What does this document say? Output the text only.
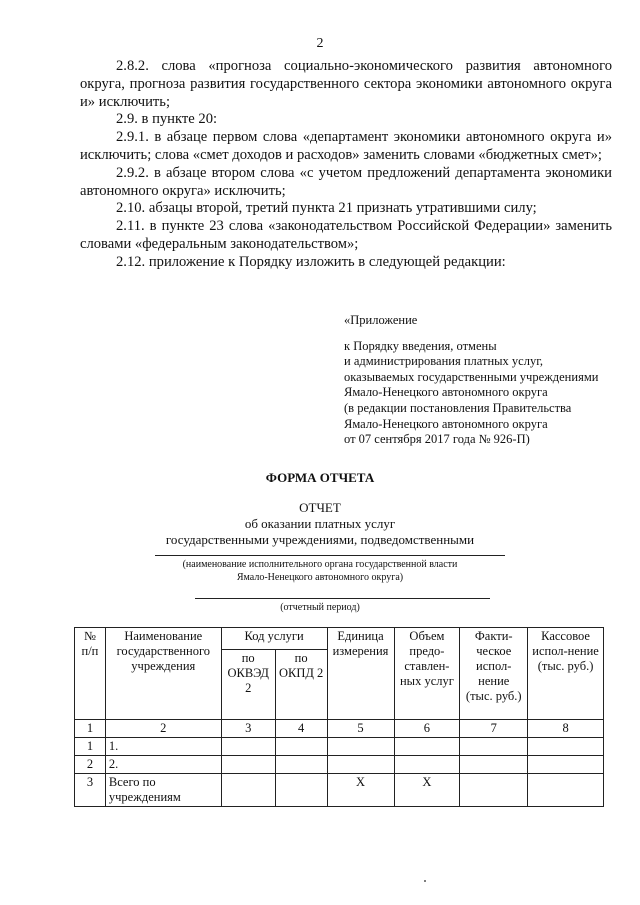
2

2.8.2. слова «прогноза социально-экономического развития автономного округа, прогноза развития государственного сектора экономики автономного округа и» исключить;

2.9. в пункте 20:

2.9.1. в абзаце первом слова «департамент экономики автономного округа и» исключить; слова «смет доходов и расходов» заменить словами «бюджетных смет»;

2.9.2. в абзаце втором слова «с учетом предложений департамента экономики автономного округа» исключить;

2.10. абзацы второй, третий пункта 21 признать утратившими силу;

2.11. в пункте 23 слова «законодательством Российской Федерации» заменить словами «федеральным законодательством»;

2.12. приложение к Порядку изложить в следующей редакции:

«Приложение
к Порядку введения, отмены
и администрирования платных услуг,
оказываемых государственными учреждениями
Ямало-Ненецкого автономного округа
(в редакции постановления Правительства
Ямало-Ненецкого автономного округа
от 07 сентября 2017 года № 926-П)
ФОРМА ОТЧЕТА
ОТЧЕТ
об оказании платных услуг
государственными учреждениями, подведомственными
(наименование исполнительного органа государственной власти
Ямало-Ненецкого автономного округа)
(отчетный период)
№ п/п	Наименование государственного учреждения	Код услуги		Единица измерения	Объем предо-ставлен-ных услуг	Факти-ческое испол-нение (тыс. руб.)	Кассовое испол-нение (тыс. руб.)
		по ОКВЭД 2	по ОКПД 2				
1	2	3	4	5	6	7	8
1	1.						
2	2.						
3	Всего по учреждениям			X	X		
